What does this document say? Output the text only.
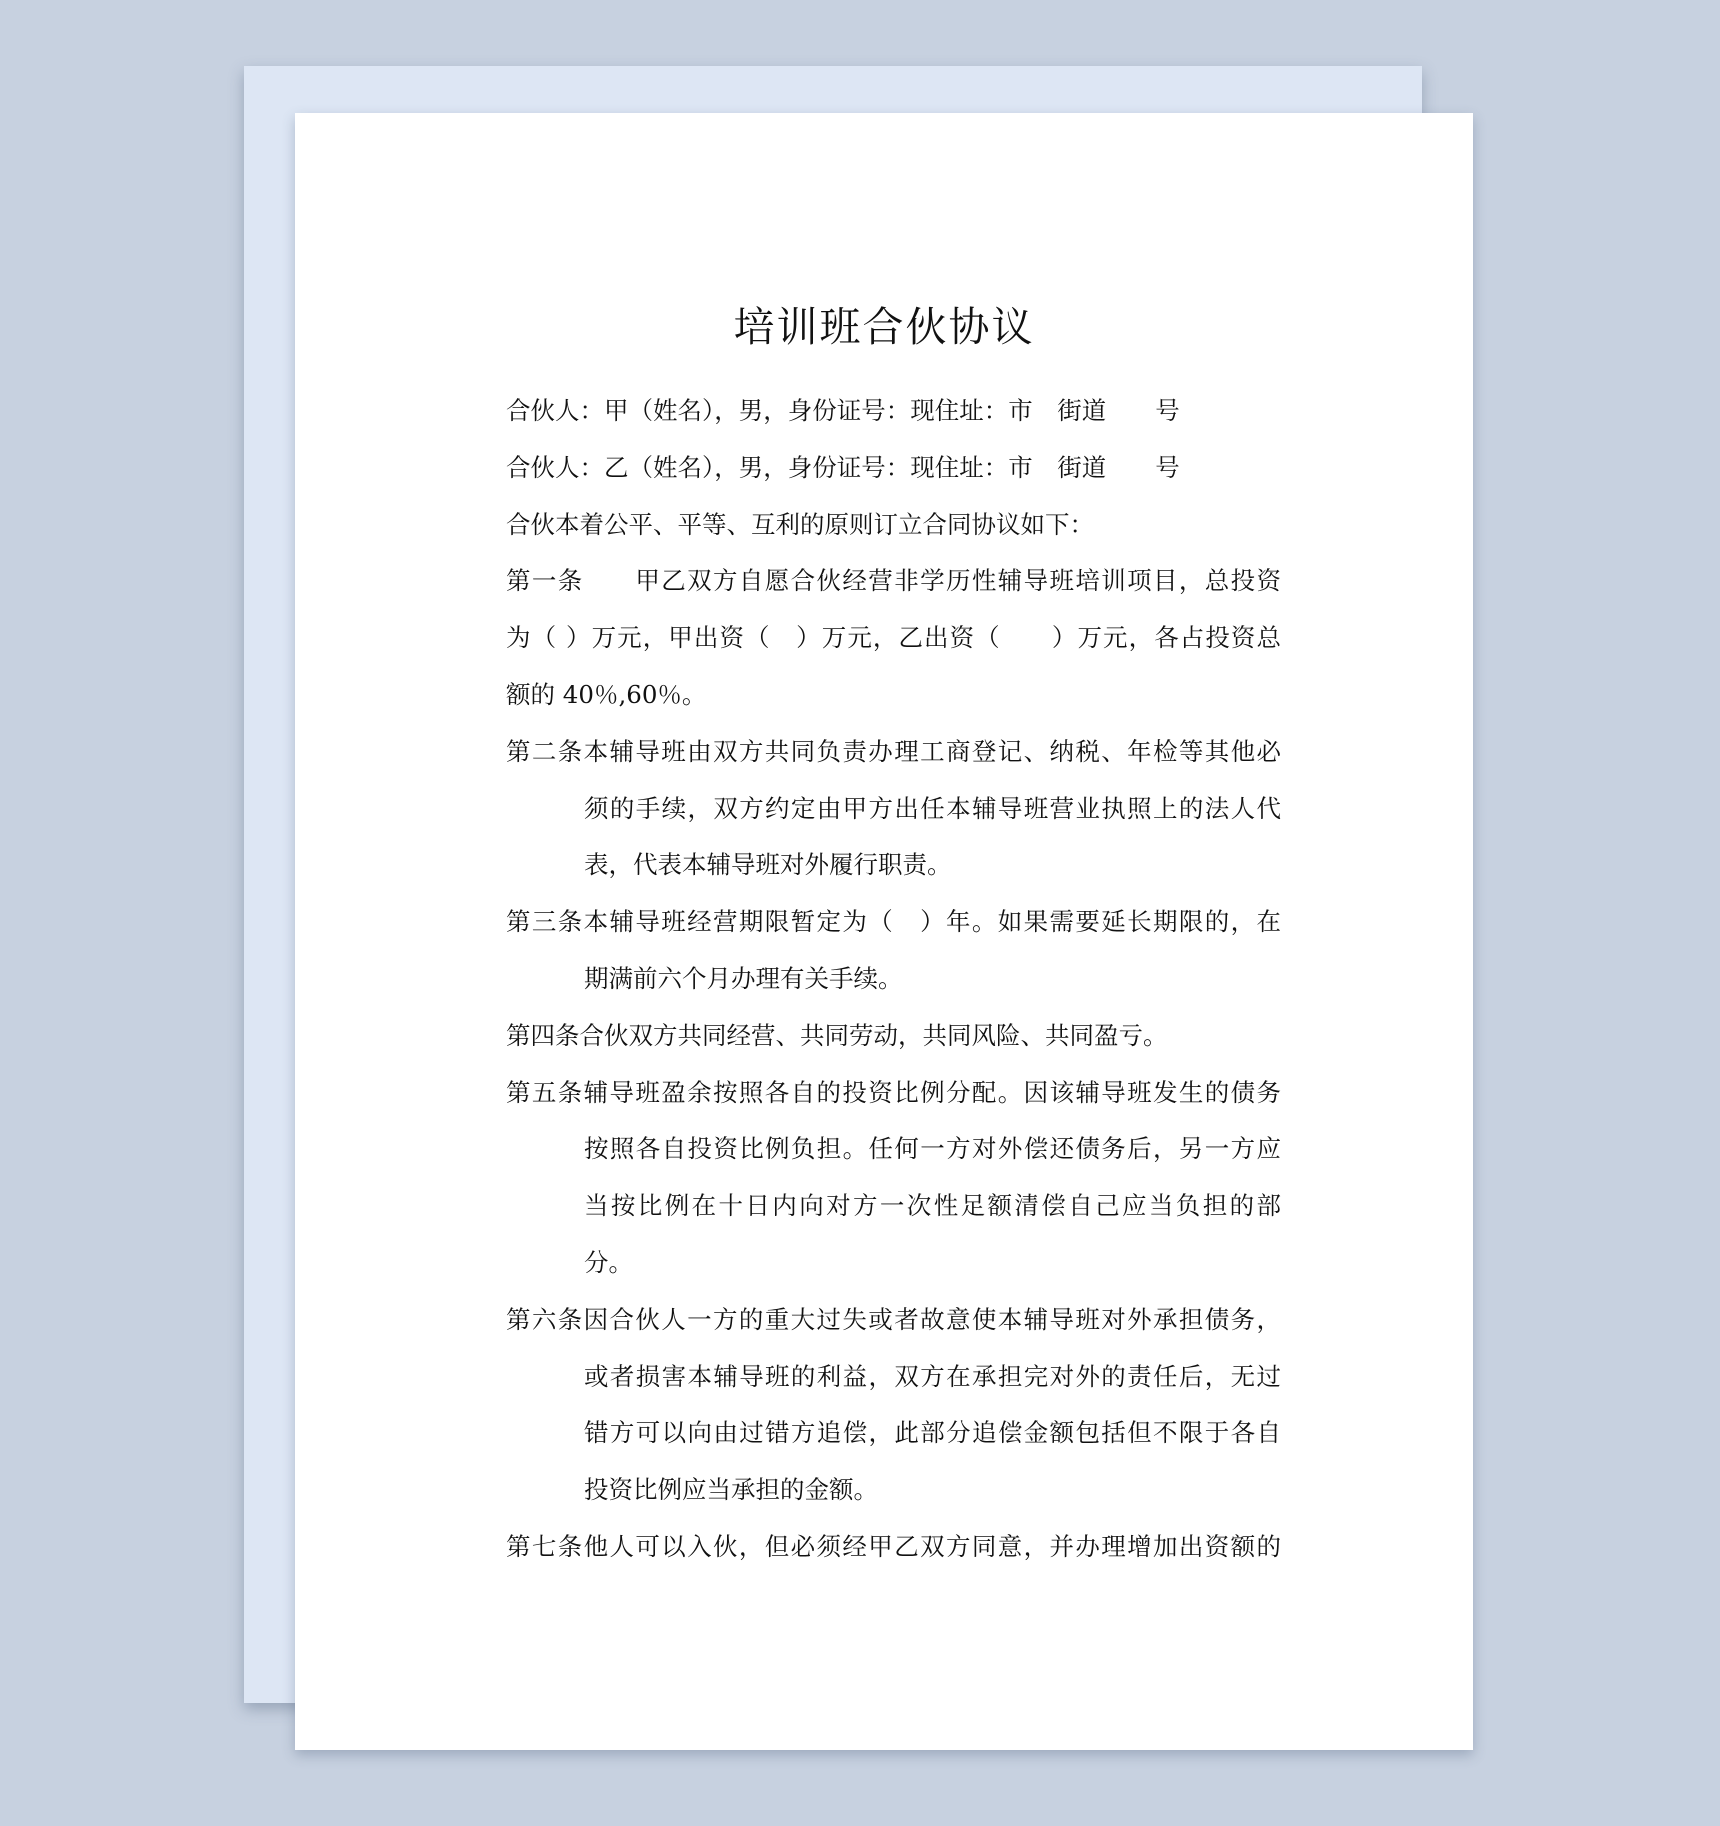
培训班合伙协议
合伙人：甲（姓名），男，身份证号：现住址：市　街道　　号
合伙人：乙（姓名），男，身份证号：现住址：市　街道　　号
合伙本着公平、平等、互利的原则订立合同协议如下：
第一条　　甲乙双方自愿合伙经营非学历性辅导班培训项目，总投资
为（ ）万元，甲出资（　）万元，乙出资（　　）万元，各占投资总
额的 40％,60％。
第二条本辅导班由双方共同负责办理工商登记、纳税、年检等其他必
须的手续，双方约定由甲方出任本辅导班营业执照上的法人代
表，代表本辅导班对外履行职责。
第三条本辅导班经营期限暂定为（　）年。如果需要延长期限的，在
期满前六个月办理有关手续。
第四条合伙双方共同经营、共同劳动，共同风险、共同盈亏。
第五条辅导班盈余按照各自的投资比例分配。因该辅导班发生的债务
按照各自投资比例负担。任何一方对外偿还债务后，另一方应
当按比例在十日内向对方一次性足额清偿自己应当负担的部
分。
第六条因合伙人一方的重大过失或者故意使本辅导班对外承担债务，
或者损害本辅导班的利益，双方在承担完对外的责任后，无过
错方可以向由过错方追偿，此部分追偿金额包括但不限于各自
投资比例应当承担的金额。
第七条他人可以入伙，但必须经甲乙双方同意，并办理增加出资额的
